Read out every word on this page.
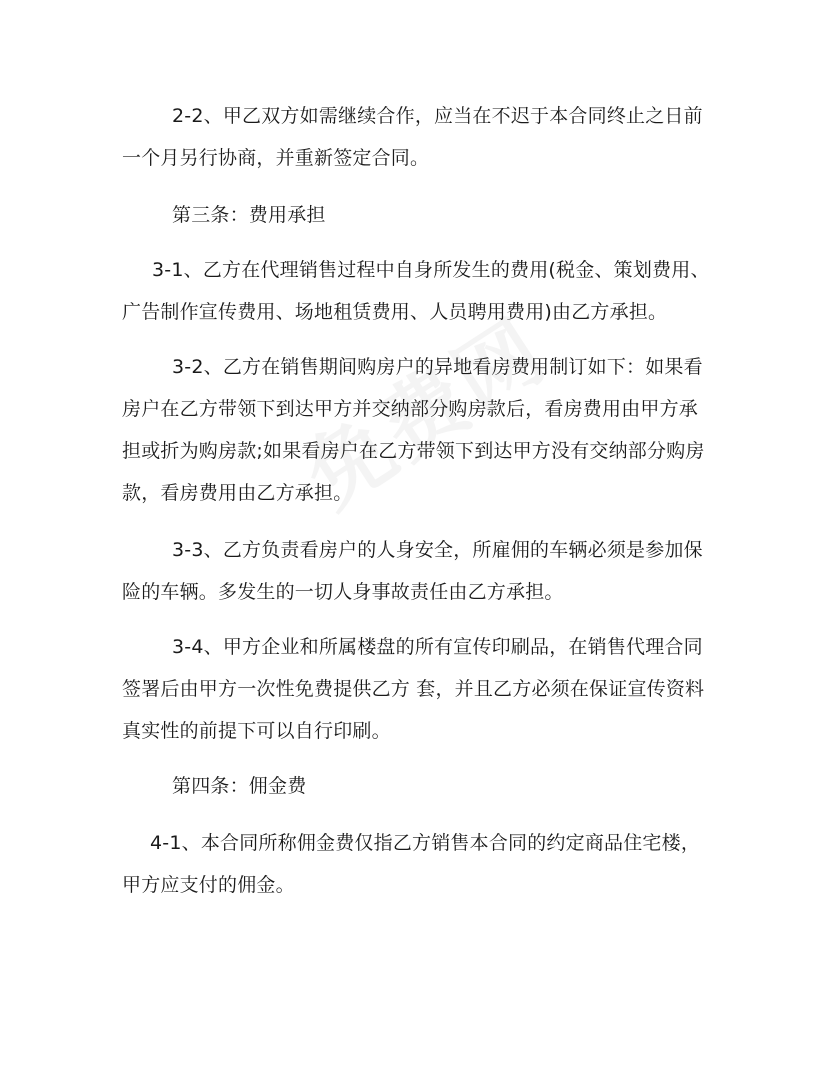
2-2、甲乙双方如需继续合作，应当在不迟于本合同终止之日前
一个月另行协商，并重新签定合同。
第三条：费用承担
3-1、乙方在代理销售过程中自身所发生的费用(税金、策划费用、
广告制作宣传费用、场地租赁费用、人员聘用费用)由乙方承担。
3-2、乙方在销售期间购房户的异地看房费用制订如下：如果看
房户在乙方带领下到达甲方并交纳部分购房款后，看房费用由甲方承
担或折为购房款;如果看房户在乙方带领下到达甲方没有交纳部分购房
款，看房费用由乙方承担。
3-3、乙方负责看房户的人身安全，所雇佣的车辆必须是参加保
险的车辆。多发生的一切人身事故责任由乙方承担。
3-4、甲方企业和所属楼盘的所有宣传印刷品，在销售代理合同
签署后由甲方一次性免费提供乙方 套，并且乙方必须在保证宣传资料
真实性的前提下可以自行印刷。
第四条：佣金费
4-1、本合同所称佣金费仅指乙方销售本合同的约定商品住宅楼，
甲方应支付的佣金。
